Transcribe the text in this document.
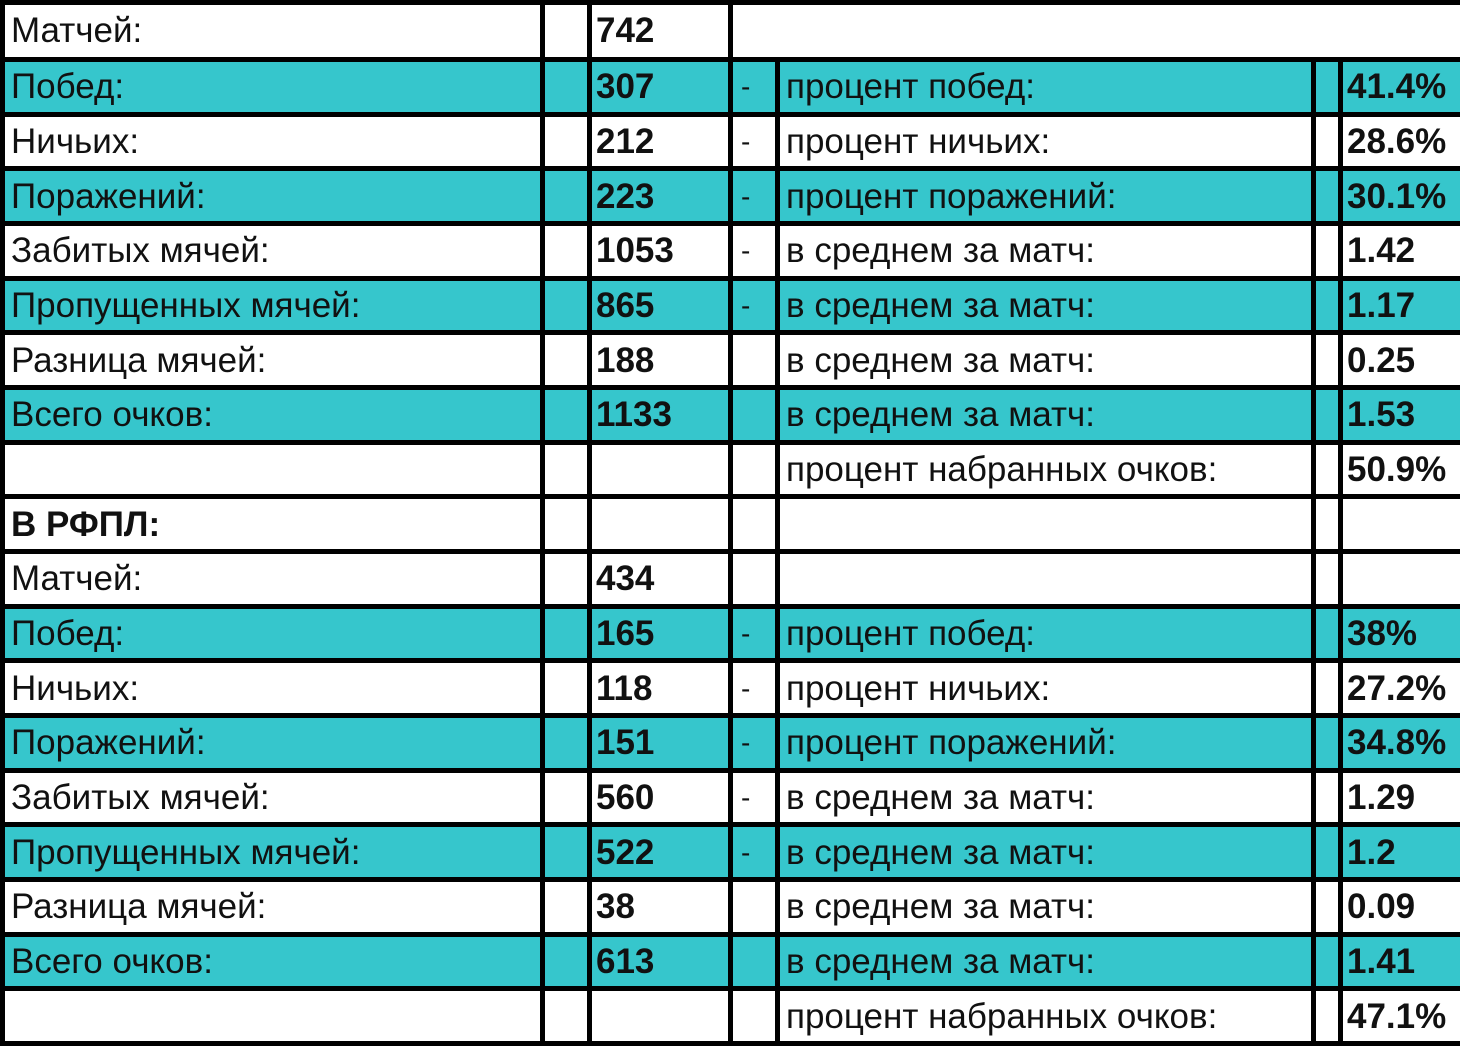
Матчей:		742				
Побед:		307	-	процент побед:		41.4%
Ничьих:		212	-	процент ничьих:		28.6%
Поражений:		223	-	процент поражений:		30.1%
Забитых мячей:		1053	-	в среднем за матч:		1.42
Пропущенных мячей:		865	-	в среднем за матч:		1.17
Разница мячей:		188		в среднем за матч:		0.25
Всего очков:		1133		в среднем за матч:		1.53
				процент набранных очков:		50.9%
В РФПЛ:						
Матчей:		434				
Побед:		165	-	процент побед:		38%
Ничьих:		118	-	процент ничьих:		27.2%
Поражений:		151	-	процент поражений:		34.8%
Забитых мячей:		560	-	в среднем за матч:		1.29
Пропущенных мячей:		522	-	в среднем за матч:		1.2
Разница мячей:		38		в среднем за матч:		0.09
Всего очков:		613		в среднем за матч:		1.41
				процент набранных очков:		47.1%
